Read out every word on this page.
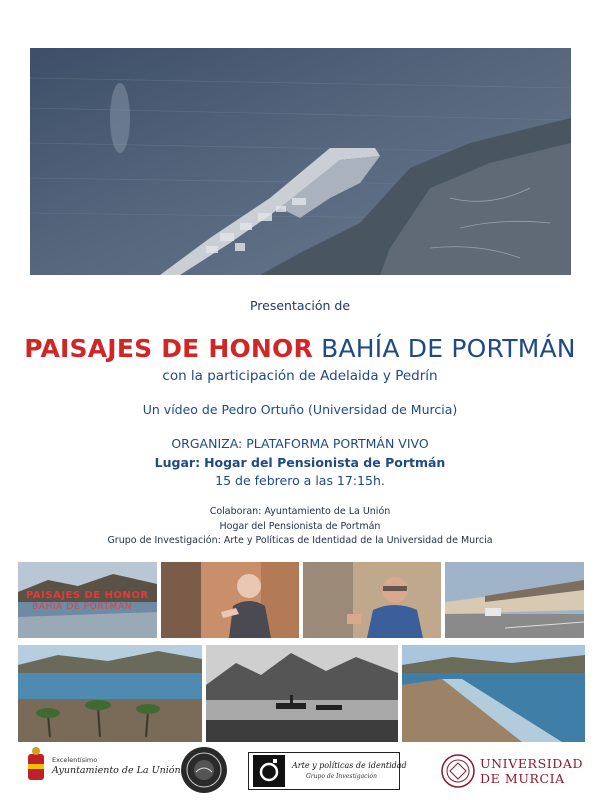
Presentación de
PAISAJES DE HONOR BAHÍA DE PORTMÁN
con la participación de Adelaida y Pedrín
Un vídeo de Pedro Ortuño (Universidad de Murcia)
ORGANIZA: PLATAFORMA PORTMÁN VIVO
Lugar: Hogar del Pensionista de Portmán
15 de febrero a las 17:15h.
Colaboran: Ayuntamiento de La Unión
Hogar del Pensionista de Portmán
Grupo de Investigación: Arte y Políticas de Identidad de la Universidad de Murcia
PAISAJES DE HONOR
BAHÍA DE PORTMÁN
Excelentísimo
Ayuntamiento de La Unión	Arte y políticas de identidad
Grupo de Investigación
UNIVERSIDAD
DE MURCIA
